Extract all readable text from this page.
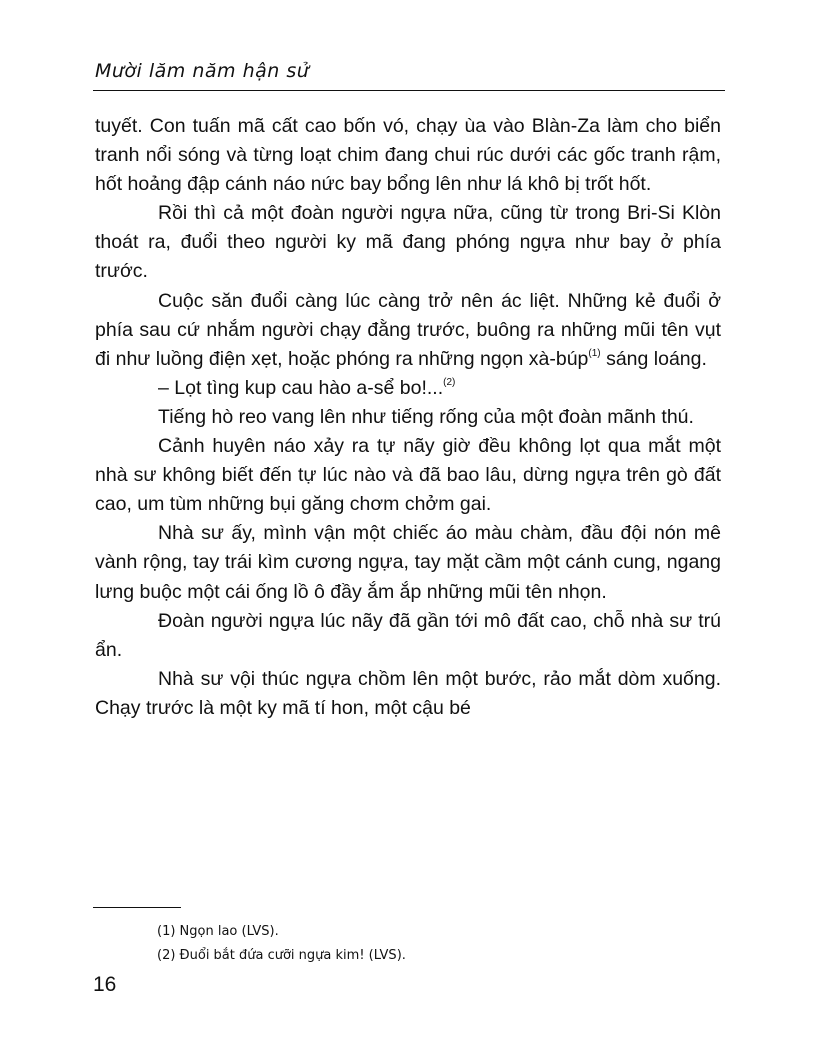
Mười lăm năm hận sử

tuyết. Con tuấn mã cất cao bốn vó, chạy ùa vào Blàn-Za làm cho biển tranh nổi sóng và từng loạt chim đang chui rúc dưới các gốc tranh rậm, hốt hoảng đập cánh náo nức bay bổng lên như lá khô bị trốt hốt.

Rồi thì cả một đoàn người ngựa nữa, cũng từ trong Bri-Si Klòn thoát ra, đuổi theo người ky mã đang phóng ngựa như bay ở phía trước.

Cuộc săn đuổi càng lúc càng trở nên ác liệt. Những kẻ đuổi ở phía sau cứ nhắm người chạy đằng trước, buông ra những mũi tên vụt đi như luồng điện xẹt, hoặc phóng ra những ngọn xà-búp$^{(1)}$ sáng loáng.

– Lọt tìng kup cau hào a-sể bo!...$^{(2)}$

Tiếng hò reo vang lên như tiếng rống của một đoàn mãnh thú.

Cảnh huyên náo xảy ra tự nãy giờ đều không lọt qua mắt một nhà sư không biết đến tự lúc nào và đã bao lâu, dừng ngựa trên gò đất cao, um tùm những bụi găng chơm chởm gai.

Nhà sư ấy, mình vận một chiếc áo màu chàm, đầu đội nón mê vành rộng, tay trái kìm cương ngựa, tay mặt cầm một cánh cung, ngang lưng buộc một cái ống lồ ô đầy ắm ắp những mũi tên nhọn.

Đoàn người ngựa lúc nãy đã gần tới mô đất cao, chỗ nhà sư trú ẩn.

Nhà sư vội thúc ngựa chồm lên một bước, rảo mắt dòm xuống. Chạy trước là một ky mã tí hon, một cậu bé

(1) Ngọn lao (LVS).
(2) Đuổi bắt đứa cưỡi ngựa kim! (LVS).
16
